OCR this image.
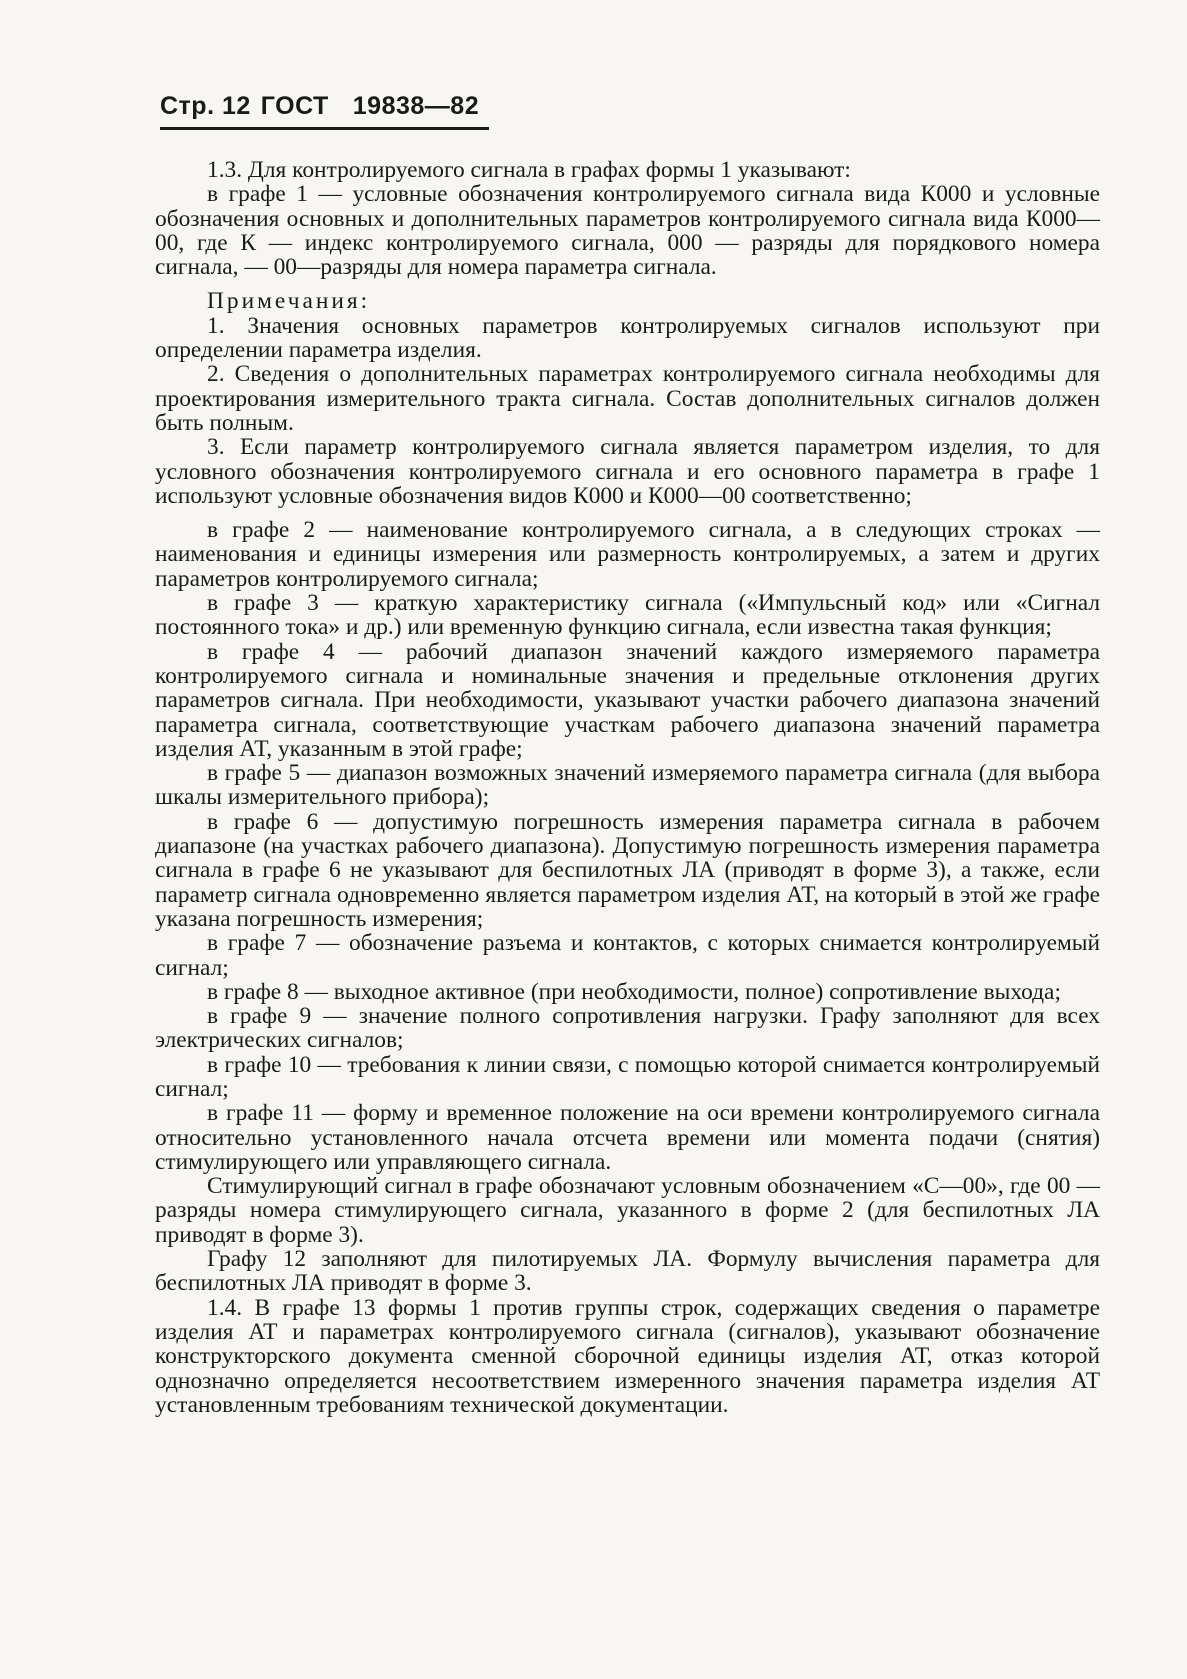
Стр. 12 ГОСТ 19838—82

1.3. Для контролируемого сигнала в графах формы 1 указывают:

в графе 1 — условные обозначения контролируемого сигнала вида К000 и условные обозначения основных и дополнительных параметров контролируемого сигнала вида К000—00, где К — индекс контролируемого сигнала, 000 — разряды для порядкового номера сигнала, — 00—разряды для номера параметра сигнала.

Примечания:

1. Значения основных параметров контролируемых сигналов используют при определении параметра изделия.

2. Сведения о дополнительных параметрах контролируемого сигнала необходимы для проектирования измерительного тракта сигнала. Состав дополнительных сигналов должен быть полным.

3. Если параметр контролируемого сигнала является параметром изделия, то для условного обозначения контролируемого сигнала и его основного параметра в графе 1 используют условные обозначения видов К000 и К000—00 соответственно;

в графе 2 — наименование контролируемого сигнала, а в следующих строках — наименования и единицы измерения или размерность контролируемых, а затем и других параметров контролируемого сигнала;

в графе 3 — краткую характеристику сигнала («Импульсный код» или «Сигнал постоянного тока» и др.) или временную функцию сигнала, если известна такая функция;

в графе 4 — рабочий диапазон значений каждого измеряемого параметра контролируемого сигнала и номинальные значения и предельные отклонения других параметров сигнала. При необходимости, указывают участки рабочего диапазона значений параметра сигнала, соответствующие участкам рабочего диапазона значений параметра изделия АТ, указанным в этой графе;

в графе 5 — диапазон возможных значений измеряемого параметра сигнала (для выбора шкалы измерительного прибора);

в графе 6 — допустимую погрешность измерения параметра сигнала в рабочем диапазоне (на участках рабочего диапазона). Допустимую погрешность измерения параметра сигнала в графе 6 не указывают для беспилотных ЛА (приводят в форме 3), а также, если параметр сигнала одновременно является параметром изделия АТ, на который в этой же графе указана погрешность измерения;

в графе 7 — обозначение разъема и контактов, с которых снимается контролируемый сигнал;

в графе 8 — выходное активное (при необходимости, полное) сопротивление выхода;

в графе 9 — значение полного сопротивления нагрузки. Графу заполняют для всех электрических сигналов;

в графе 10 — требования к линии связи, с помощью которой снимается контролируемый сигнал;

в графе 11 — форму и временное положение на оси времени контролируемого сигнала относительно установленного начала отсчета времени или момента подачи (снятия) стимулирующего или управляющего сигнала.

Стимулирующий сигнал в графе обозначают условным обозначением «С—00», где 00 — разряды номера стимулирующего сигнала, указанного в форме 2 (для беспилотных ЛА приводят в форме 3).

Графу 12 заполняют для пилотируемых ЛА. Формулу вычисления параметра для беспилотных ЛА приводят в форме 3.

1.4. В графе 13 формы 1 против группы строк, содержащих сведения о параметре изделия АТ и параметрах контролируемого сигнала (сигналов), указывают обозначение конструкторского документа сменной сборочной единицы изделия АТ, отказ которой однозначно определяется несоответствием измеренного значения параметра изделия АТ установленным требованиям технической документации.
